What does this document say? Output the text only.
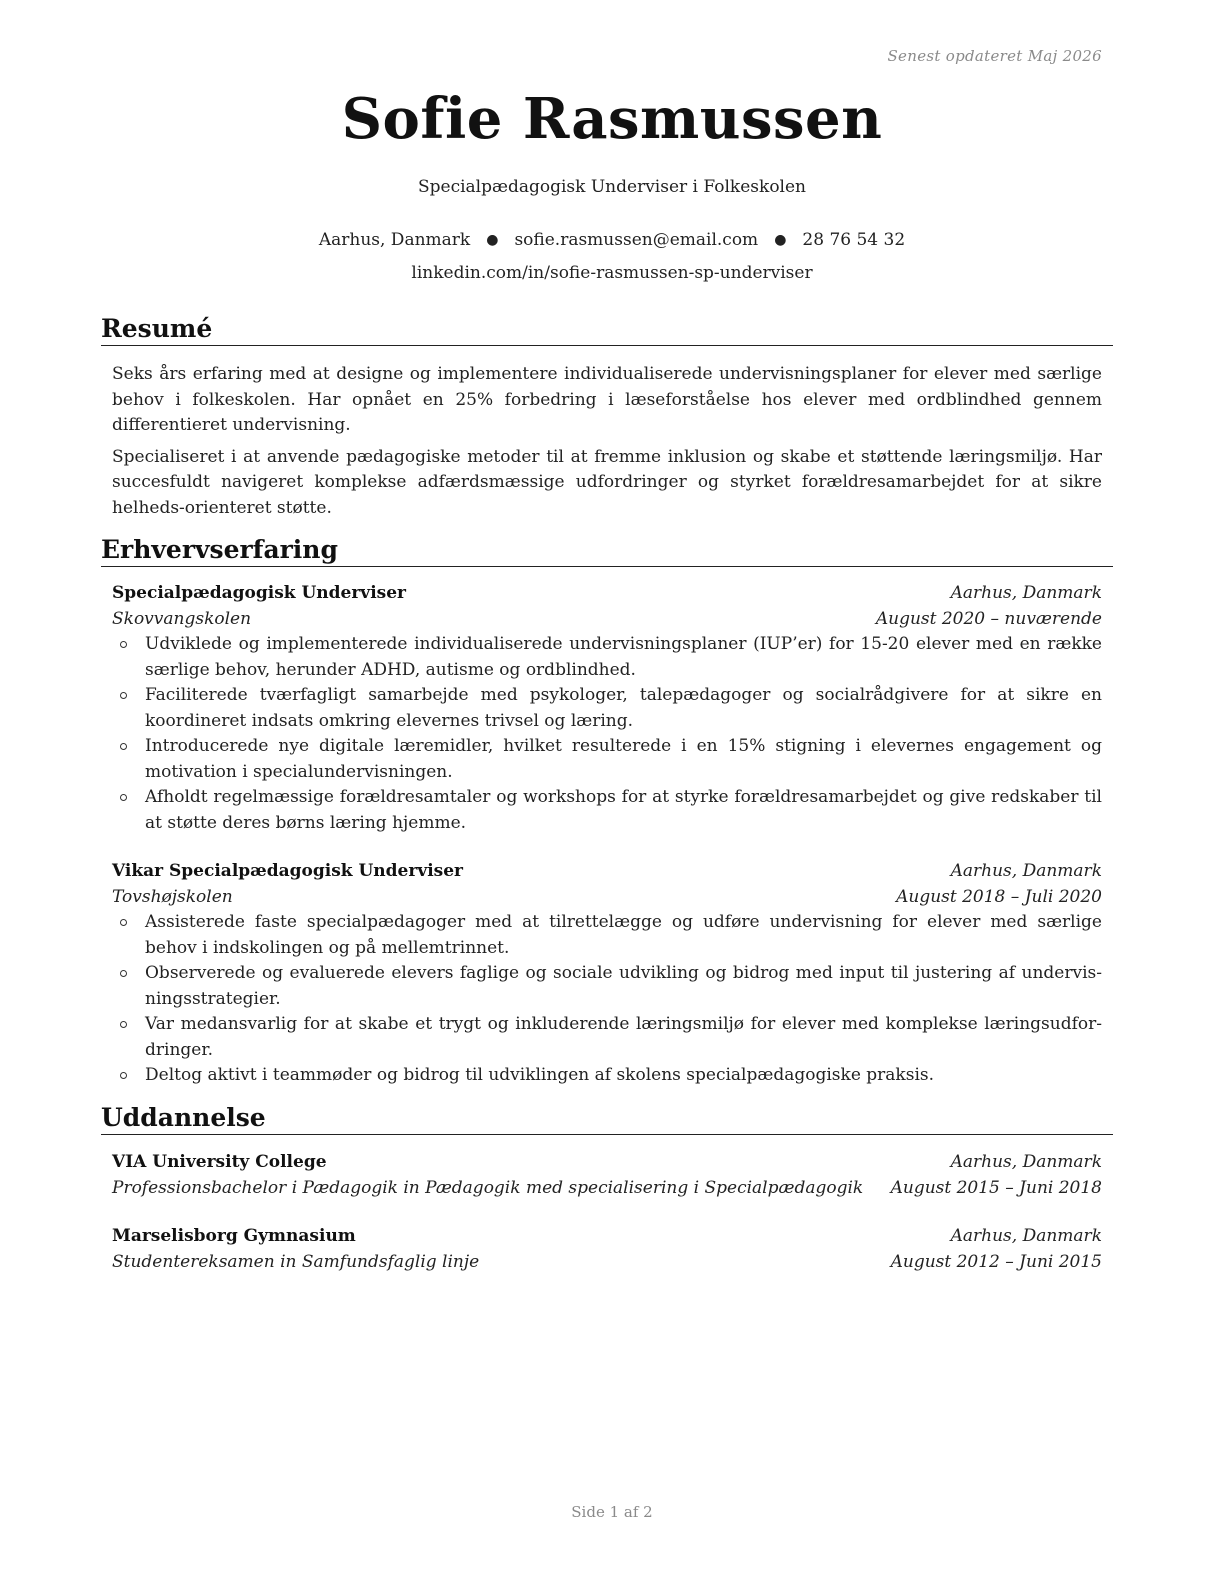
Senest opdateret Maj 2026
Sofie Rasmussen
Specialpædagogisk Underviser i Folkeskolen
Aarhus, Danmark ● sofie.rasmussen@email.com ● 28 76 54 32
linkedin.com/in/sofie-rasmussen-sp-underviser
Resumé

Seks års erfaring med at designe og implementere individualiserede undervisningsplaner for elever med særlige behov i folkeskolen. Har opnået en 25% forbedring i læseforståelse hos elever med ordblindhed gennem differentieret undervisning.

Specialiseret i at anvende pædagogiske metoder til at fremme inklusion og skabe et støttende læringsmiljø. Har succesfuldt navigeret komplekse adfærdsmæssige udfordringer og styrket forældresamarbejdet for at sikre helheds-orienteret støtte.

Erhvervserfaring
Specialpædagogisk Underviser	Aarhus, Danmark
Skovvangskolen	August 2020 – nuværende
Udviklede og implementerede individualiserede undervisningsplaner (IUP’er) for 15-20 elever med en række særlige behov, herunder ADHD, autisme og ordblindhed.
Faciliterede tværfagligt samarbejde med psykologer, talepædagoger og socialrådgivere for at sikre en koordineret indsats omkring elevernes trivsel og læring.
Introducerede nye digitale læremidler, hvilket resulterede i en 15% stigning i elevernes engagement og motivation i specialundervisningen.
Afholdt regelmæssige forældresamtaler og workshops for at styrke forældresamarbejdet og give redskaber til at støtte deres børns læring hjemme.
Vikar Specialpædagogisk Underviser	Aarhus, Danmark
Tovshøjskolen	August 2018 – Juli 2020
Assisterede faste specialpædagoger med at tilrettelægge og udføre undervisning for elever med særlige behov i indskolingen og på mellemtrinnet.
Observerede og evaluerede elevers faglige og sociale udvikling og bidrog med input til justering af undervis-ningsstrategier.
Var medansvarlig for at skabe et trygt og inkluderende læringsmiljø for elever med komplekse læringsudfor-dringer.
Deltog aktivt i teammøder og bidrog til udviklingen af skolens specialpædagogiske praksis.
Uddannelse
VIA University College	Aarhus, Danmark
Professionsbachelor i Pædagogik in Pædagogik med specialisering i Specialpædagogik August 2015 – Juni 2018
Marselisborg Gymnasium	Aarhus, Danmark
Studentereksamen in Samfundsfaglig linje	August 2012 – Juni 2015
Side 1 af 2
